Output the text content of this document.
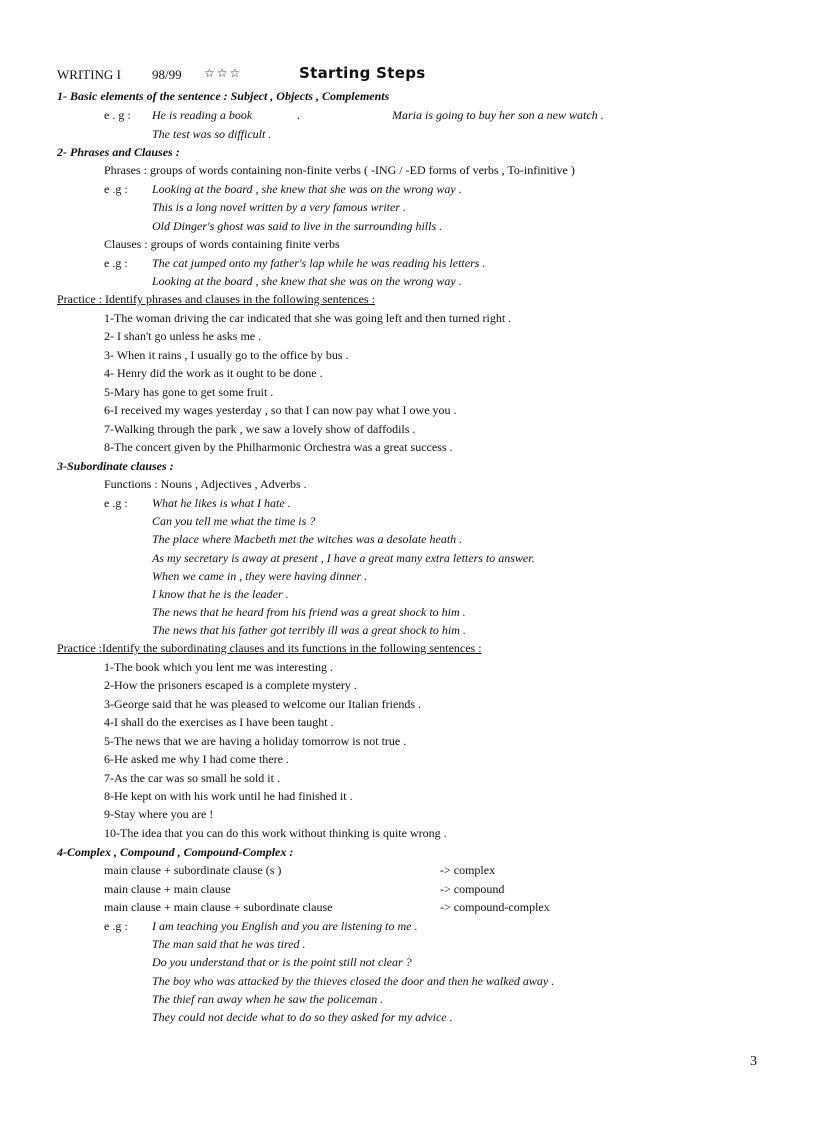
WRITING I 98/99 ☆☆☆	Starting Steps
1- Basic elements of the sentence : Subject , Objects , Complements
e . g : He is reading a book	.	Maria is going to buy her son a new watch .
The test was so difficult .
2- Phrases and Clauses :
Phrases : groups of words containing non-finite verbs ( -ING / -ED forms of verbs , To-infinitive )
e .g : Looking at the board , she knew that she was on the wrong way .
This is a long novel written by a very famous writer .
Old Dinger's ghost was said to live in the surrounding hills .
Clauses : groups of words containing finite verbs
e .g : The cat jumped onto my father's lap while he was reading his letters .
Looking at the board , she knew that she was on the wrong way .
Practice : Identify phrases and clauses in the following sentences :
1-The woman driving the car indicated that she was going left and then turned right .
2- I shan't go unless he asks me .
3- When it rains , I usually go to the office by bus .
4- Henry did the work as it ought to be done .
5-Mary has gone to get some fruit .
6-I received my wages yesterday , so that I can now pay what I owe you .
7-Walking through the park , we saw a lovely show of daffodils .
8-The concert given by the Philharmonic Orchestra was a great success .
3-Subordinate clauses :
Functions : Nouns , Adjectives , Adverbs .
e .g : What he likes is what I hate .
Can you tell me what the time is ?
The place where Macbeth met the witches was a desolate heath .
As my secretary is away at present , I have a great many extra letters to answer.
When we came in , they were having dinner .
I know that he is the leader .
The news that he heard from his friend was a great shock to him .
The news that his father got terribly ill was a great shock to him .
Practice :Identify the subordinating clauses and its functions in the following sentences :
1-The book which you lent me was interesting .
2-How the prisoners escaped is a complete mystery .
3-George said that he was pleased to welcome our Italian friends .
4-I shall do the exercises as I have been taught .
5-The news that we are having a holiday tomorrow is not true .
6-He asked me why I had come there .
7-As the car was so small he sold it .
8-He kept on with his work until he had finished it .
9-Stay where you are !
10-The idea that you can do this work without thinking is quite wrong .
4-Complex , Compound , Compound-Complex :
main clause + subordinate clause (s )	-> complex
main clause + main clause	-> compound
main clause + main clause + subordinate clause	-> compound-complex
e .g : I am teaching you English and you are listening to me .
The man said that he was tired .
Do you understand that or is the point still not clear ?
The boy who was attacked by the thieves closed the door and then he walked away .
The thief ran away when he saw the policeman .
They could not decide what to do so they asked for my advice .
3
